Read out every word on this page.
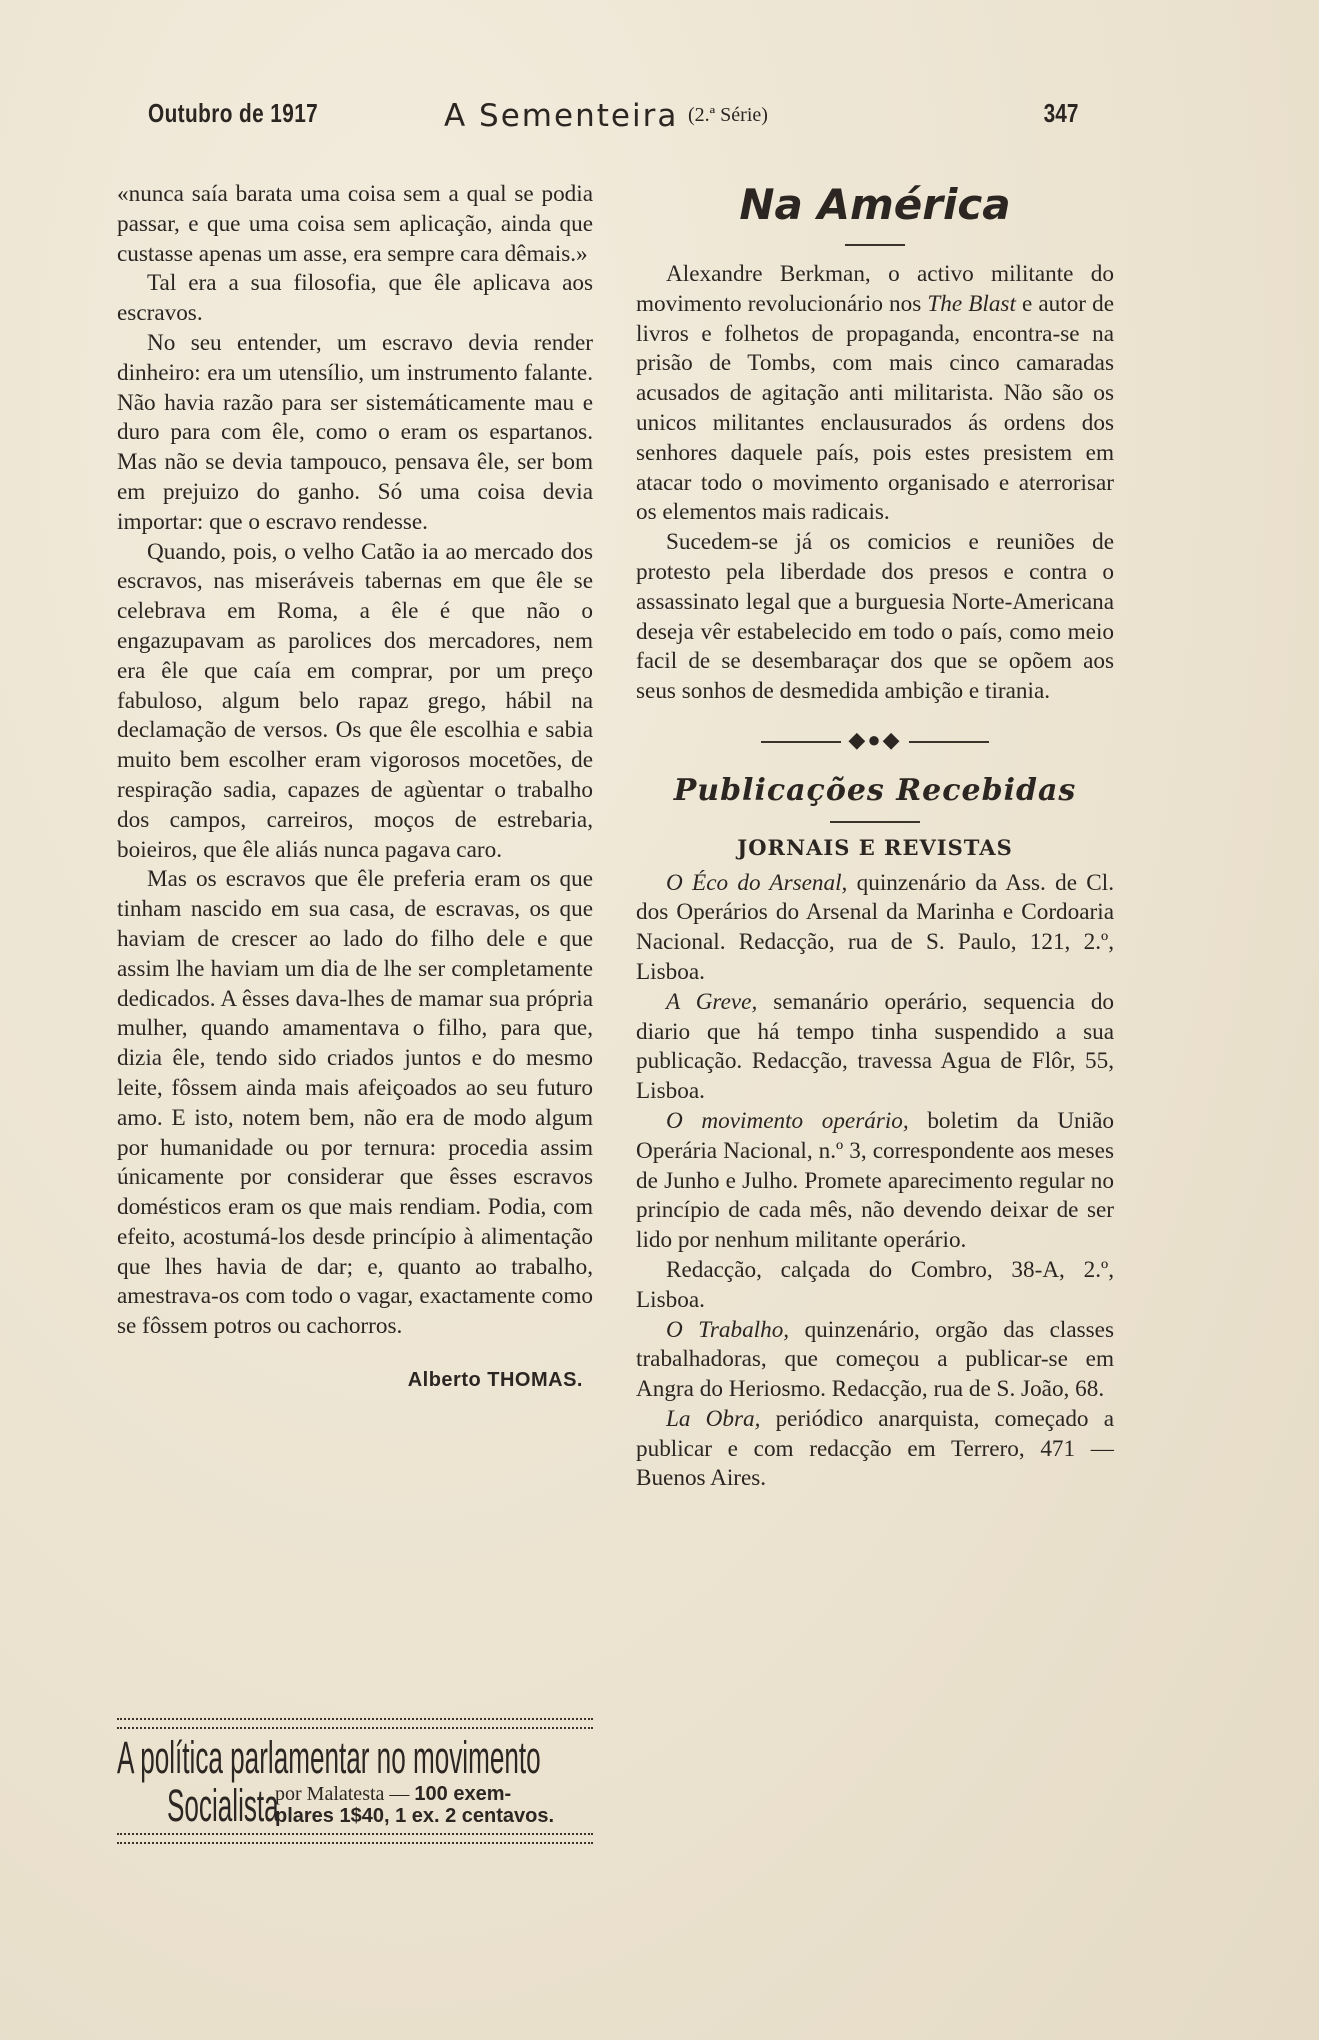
Outubro de 1917	A Sementeira (2.ª Série)	347

«nunca saía barata uma coisa sem a qual se podia passar, e que uma coisa sem aplicação, ainda que custasse apenas um asse, era sempre cara dêmais.»

Tal era a sua filosofia, que êle aplicava aos escravos.

No seu entender, um escravo devia render dinheiro: era um utensílio, um instrumento falante. Não havia razão para ser sistemáticamente mau e duro para com êle, como o eram os espartanos. Mas não se devia tampouco, pensava êle, ser bom em prejuizo do ganho. Só uma coisa devia importar: que o escravo rendesse.

Quando, pois, o velho Catão ia ao mercado dos escravos, nas miseráveis tabernas em que êle se celebrava em Roma, a êle é que não o engazupavam as parolices dos mercadores, nem era êle que caía em comprar, por um preço fabuloso, algum belo rapaz grego, hábil na declamação de versos. Os que êle escolhia e sabia muito bem escolher eram vigorosos mocetões, de respiração sadia, capazes de agùentar o trabalho dos campos, carreiros, moços de estrebaria, boieiros, que êle aliás nunca pagava caro.

Mas os escravos que êle preferia eram os que tinham nascido em sua casa, de escravas, os que haviam de crescer ao lado do filho dele e que assim lhe haviam um dia de lhe ser completamente dedicados. A êsses dava-lhes de mamar sua própria mulher, quando amamentava o filho, para que, dizia êle, tendo sido criados juntos e do mesmo leite, fôssem ainda mais afeiçoados ao seu futuro amo. E isto, notem bem, não era de modo algum por humanidade ou por ternura: procedia assim únicamente por considerar que êsses escravos domésticos eram os que mais rendiam. Podia, com efeito, acostumá-los desde princípio à alimentação que lhes havia de dar; e, quanto ao trabalho, amestrava-os com todo o vagar, exactamente como se fôssem potros ou cachorros.

Alberto THOMAS.
A política parlamentar no movimento
Socialista
por Malatesta — 100 exem-
plares 1$40, 1 ex. 2 centavos.
Na América

Alexandre Berkman, o activo militante do movimento revolucionário nos The Blast e autor de livros e folhetos de propaganda, encontra-se na prisão de Tombs, com mais cinco camaradas acusados de agitação anti militarista. Não são os unicos militantes enclausurados ás ordens dos senhores daquele país, pois estes presistem em atacar todo o movimento organisado e aterrorisar os elementos mais radicais.

Sucedem-se já os comicios e reuniões de protesto pela liberdade dos presos e contra o assassinato legal que a burguesia Norte-Americana deseja vêr estabelecido em todo o país, como meio facil de se desembaraçar dos que se opõem aos seus sonhos de desmedida ambição e tirania.

◆●◆
Publicações Recebidas
JORNAIS E REVISTAS

O Éco do Arsenal, quinzenário da Ass. de Cl. dos Operários do Arsenal da Marinha e Cordoaria Nacional. Redacção, rua de S. Paulo, 121, 2.º, Lisboa.

A Greve, semanário operário, sequencia do diario que há tempo tinha suspendido a sua publicação. Redacção, travessa Agua de Flôr, 55, Lisboa.

O movimento operário, boletim da União Operária Nacional, n.º 3, correspondente aos meses de Junho e Julho. Promete aparecimento regular no princípio de cada mês, não devendo deixar de ser lido por nenhum militante operário.

Redacção, calçada do Combro, 38-A, 2.º, Lisboa.

O Trabalho, quinzenário, orgão das classes trabalhadoras, que começou a publicar-se em Angra do Heriosmo. Redacção, rua de S. João, 68.

La Obra, periódico anarquista, começado a publicar e com redacção em Terrero, 471 — Buenos Aires.
